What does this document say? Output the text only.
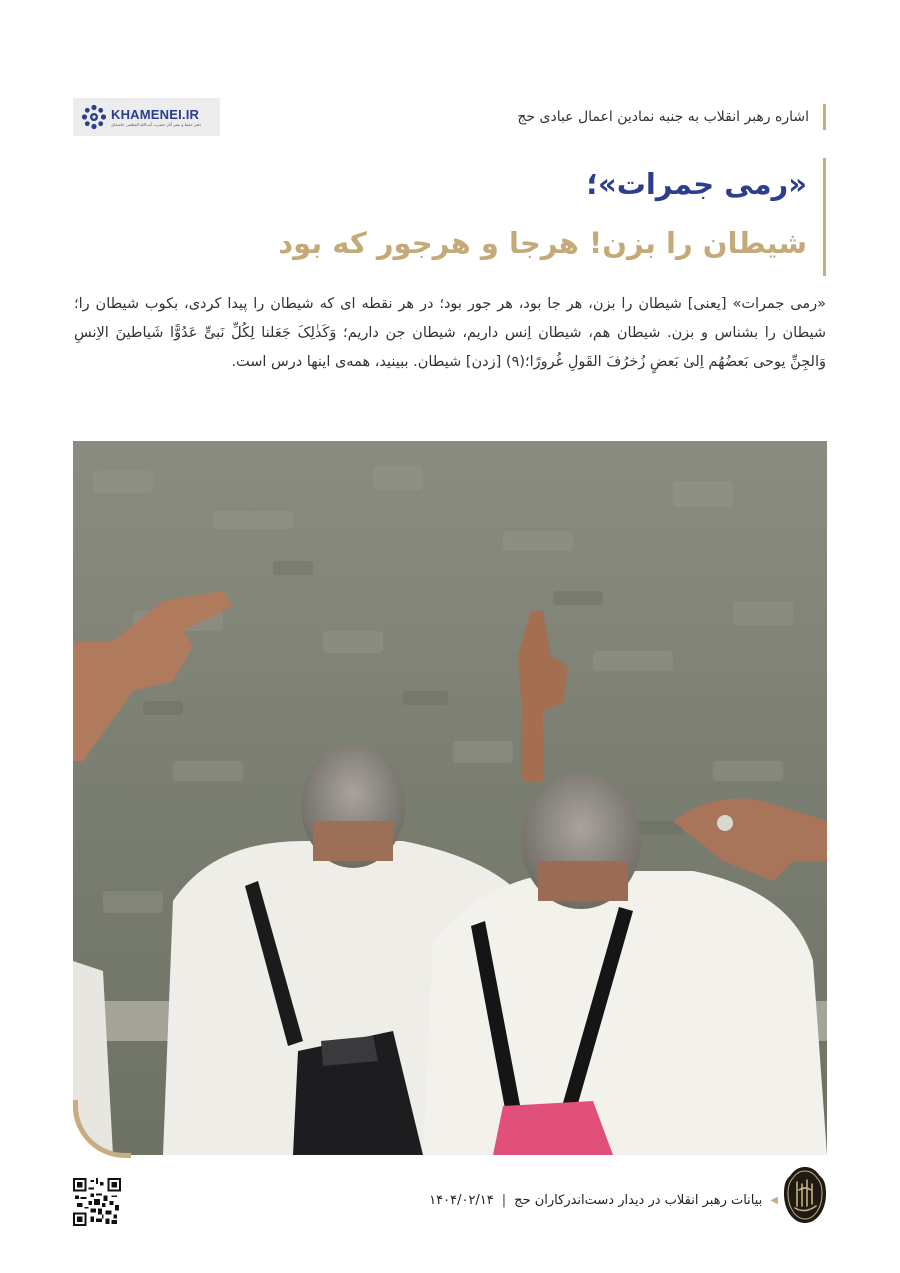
KHAMENEI.IR
دفتر حفظ و نشر آثار حضرت آیت‌الله العظمی خامنه‌ای	اشاره رهبر انقلاب به جنبه نمادین اعمال عبادی حج
«رمی جمرات»؛
شیطان را بزن! هرجا و هرجور که بود
«رمی جمرات» [یعنی] شیطان را بزن، هر جا بود، هر جور بود؛ در هر نقطه ای که شیطان را پیدا کردی، بکوب شیطان را؛ شیطان را بشناس و بزن. شیطان هم، شیطان اِنس داریم، شیطان جن داریم؛ وَکَذٰلِکَ جَعَلنا لِکُلِّ نَبیٍّ عَدُوًّا شَیاطینَ الاِنسِ وَالجِنِّ یوحی بَعضُهُم اِلیٰ بَعضٍ زُخرُفَ القَولِ غُرورًا؛(۹) [زدن] شیطان. ببینید، همه‌ی اینها درس است.
◀
بیانات رهبر انقلاب در دیدار دست‌اندرکاران حج
|
۱۴۰۴/۰۲/۱۴
